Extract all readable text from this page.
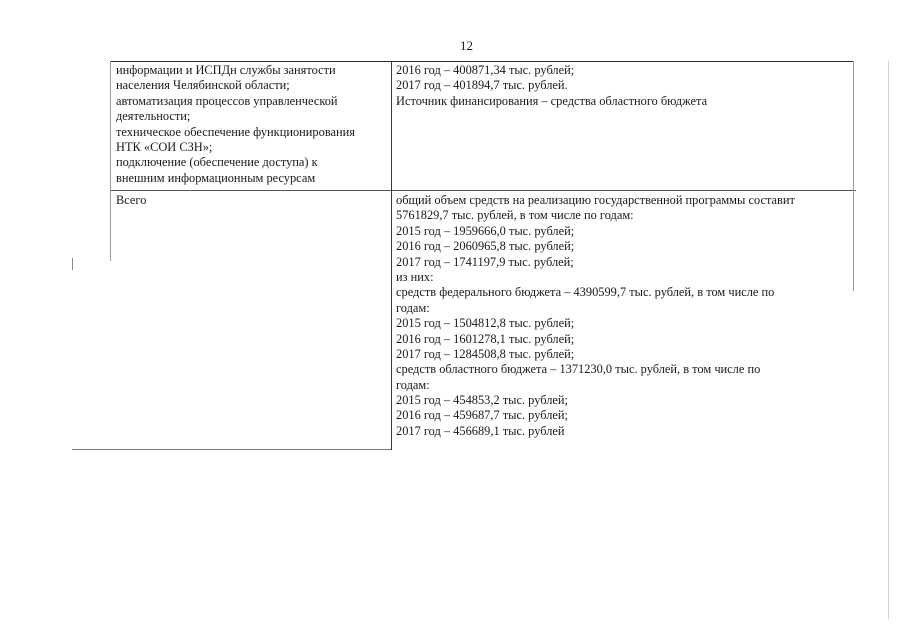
12
информации и ИСПДн службы занятости
населения Челябинской области;
автоматизация процессов управленческой
деятельности;
техническое обеспечение функционирования
НТК «СОИ СЗН»;
подключение (обеспечение доступа) к
внешним информационным ресурсам
2016 год – 400871,34 тыс. рублей;
2017 год – 401894,7 тыс. рублей.
Источник финансирования – средства областного бюджета
Всего	общий объем средств на реализацию государственной программы составит
5761829,7 тыс. рублей, в том числе по годам:
2015 год – 1959666,0 тыс. рублей;
2016 год – 2060965,8 тыс. рублей;
2017 год – 1741197,9 тыс. рублей;
из них:
средств федерального бюджета – 4390599,7 тыс. рублей, в том числе по
годам:
2015 год – 1504812,8 тыс. рублей;
2016 год – 1601278,1 тыс. рублей;
2017 год – 1284508,8 тыс. рублей;
средств областного бюджета – 1371230,0 тыс. рублей, в том числе по
годам:
2015 год – 454853,2 тыс. рублей;
2016 год – 459687,7 тыс. рублей;
2017 год – 456689,1 тыс. рублей
